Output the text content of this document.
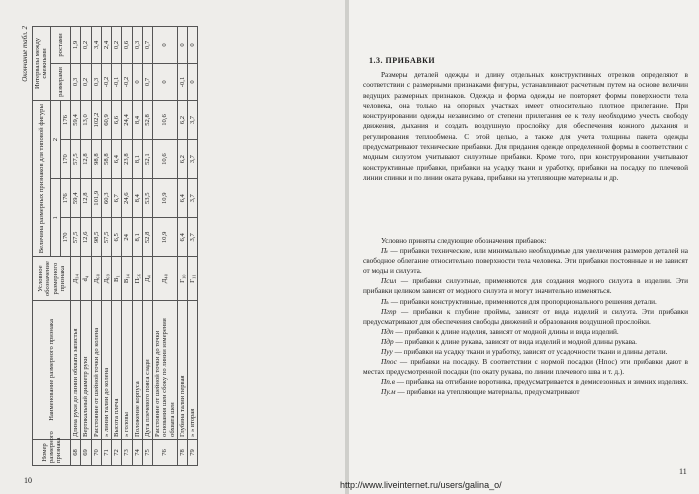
Окончание табл. 2
Номер размерного признака	Наименование размерного признака	Условное обозначение размерного признака	Величина размерных признаков для типовой фигуры				Интервалы между смежными	
			1		2		размерами	ростами
			170	176	170	176		
68	Длина руки до линии обхвата запястья	Д₃₄	57,5	59,4	57,5	59,4	0,3	1,9
69	Вертикальный диаметр руки	d₄	12,6	12,8	12,8	13,0	0,2	0,2
70	Расстояние от шейной точки до колена	Д₆₈	98,5	101,9	98,8	102,2	0,3	3,4
71	» линии талии до колена	Д₆₉	57,5	60,3	58,8	60,9	-0,2	2,4
72	Высота плеча	В₁	6,5	6,7	6,4	6,6	-0,1	0,2
73	» головы	В₁₄	24	24,6	23,8	24,4	-0,2	0,6
74	Положение корпуса	П₅₆	8,1	8,4	8,1	8,4	0	0,3
75	Дуга плечевого пояса сзади	Д₄	52,8	53,5	52,1	52,8	0,7	0,7
76	Расстояние от шейной точки до точки основания шеи сбоку по линии измерения обхвата шеи	Д₄₈	10,9	10,9	10,6	10,6	0	0
78	Глубина талии первая	Г₁₀	6,4	6,4	6,2	6,2	-0,1	0
79	» » вторая	Г₁₁	3,7	3,7	3,7	3,7	0	0
10
1.3. ПРИБАВКИ
Размеры деталей одежды и длину отдельных конструктивных отрезков определяют в соответствии с размерными признаками фигуры, устанавливают расчетным путем на основе величин ведущих размерных признаков. Одежда и форма одежды не повторяет формы поверхности тела человека, она только на опорных участках имеет относительно плотное прилегание. При конструировании одежды независимо от степени прилегания ее к телу необходимо учесть свободу движения, дыхания и создать воздушную прослойку для обеспечения кожного дыхания и регулирования теплообмена. С этой целью, а также для учета толщины пакета одежды предусматривают технические прибавки. Для придания одежде определенной формы в соответствии с модным силуэтом учитывают силуэтные прибавки. Кроме того, при конструировании учитывают конструктивные прибавки, прибавки на усадку ткани и уработку, прибавки на посадку по плечевой линии спинки и по линии оката рукава, прибавки на утепляющие материалы и др.

Условно приняты следующие обозначения прибавок:

Пₜ — прибавки технические, или минимально необходимые для увеличения размеров деталей на свободное облегание относительно поверхности тела человека. Эти прибавки постоянные и не зависят от моды и силуэта.

Псил — прибавки силуэтные, применяются для создания модного силуэта в изделии. Эти прибавки целиком зависят от модного силуэта и могут значительно изменяться.

Пₖ — прибавки конструктивные, применяются для пропорционального решения детали.

Пгпр — прибавки к глубине проймы, зависят от вида изделий и силуэта. Эти прибавки предусматривают для обеспечения свободы движений и образования воздушной прослойки.

Пдп — прибавки к длине изделия, зависят от модной длины и вида изделий.

Пдр — прибавки к длине рукава, зависят от вида изделий и модной длины рукава.

Пуу — прибавки на усадку ткани и уработку, зависят от усадочности ткани и длины детали.

Ппос — прибавки на посадку. В соответствии с нормой посадки (Нпос) эти прибавки дают в местах предусмотренной посадки (по окату рукава, по линии плечевого шва и т. д.).

Пп.в — прибавка на отгибание воротника, предусматривается в демисезонных и зимних изделиях.

Пу.м — прибавки на утепляющие материалы, предусматривают

11
http://www.liveinternet.ru/users/galina_o/
